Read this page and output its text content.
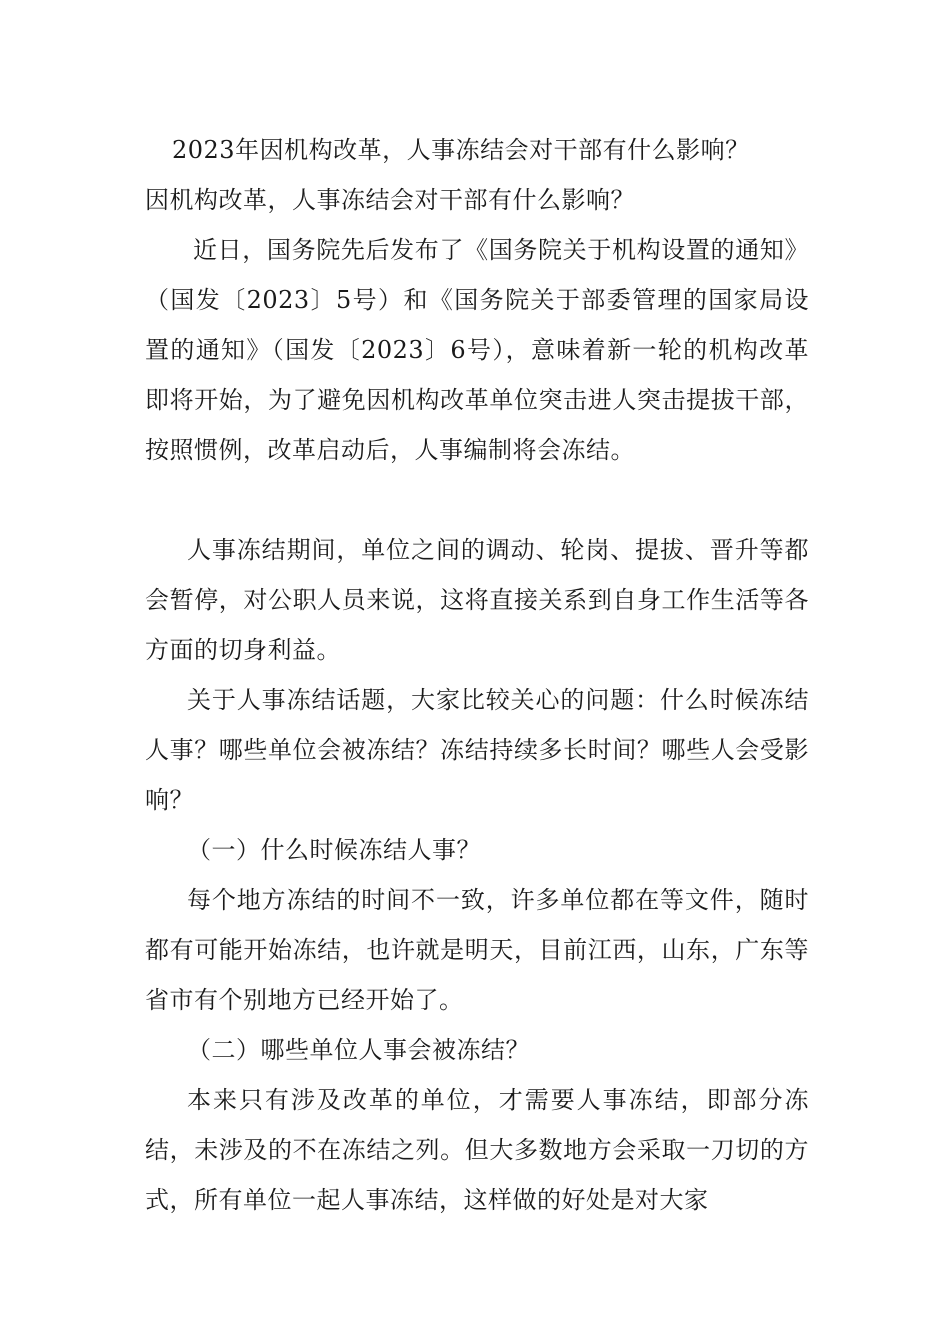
2023年因机构改革，人事冻结会对干部有什么影响？
因机构改革，人事冻结会对干部有什么影响？

近日，国务院先后发布了《国务院关于机构设置的通知》（国发〔2023〕5号）和《国务院关于部委管理的国家局设置的通知》（国发〔2023〕6号），意味着新一轮的机构改革即将开始，为了避免因机构改革单位突击进人突击提拔干部，按照惯例，改革启动后，人事编制将会冻结。

人事冻结期间，单位之间的调动、轮岗、提拔、晋升等都会暂停，对公职人员来说，这将直接关系到自身工作生活等各方面的切身利益。

关于人事冻结话题，大家比较关心的问题：什么时候冻结人事？哪些单位会被冻结？冻结持续多长时间？哪些人会受影响？

（一）什么时候冻结人事？

每个地方冻结的时间不一致，许多单位都在等文件，随时都有可能开始冻结，也许就是明天，目前江西，山东，广东等省市有个别地方已经开始了。

（二）哪些单位人事会被冻结？

本来只有涉及改革的单位，才需要人事冻结，即部分冻结，未涉及的不在冻结之列。但大多数地方会采取一刀切的方式，所有单位一起人事冻结，这样做的好处是对大家
